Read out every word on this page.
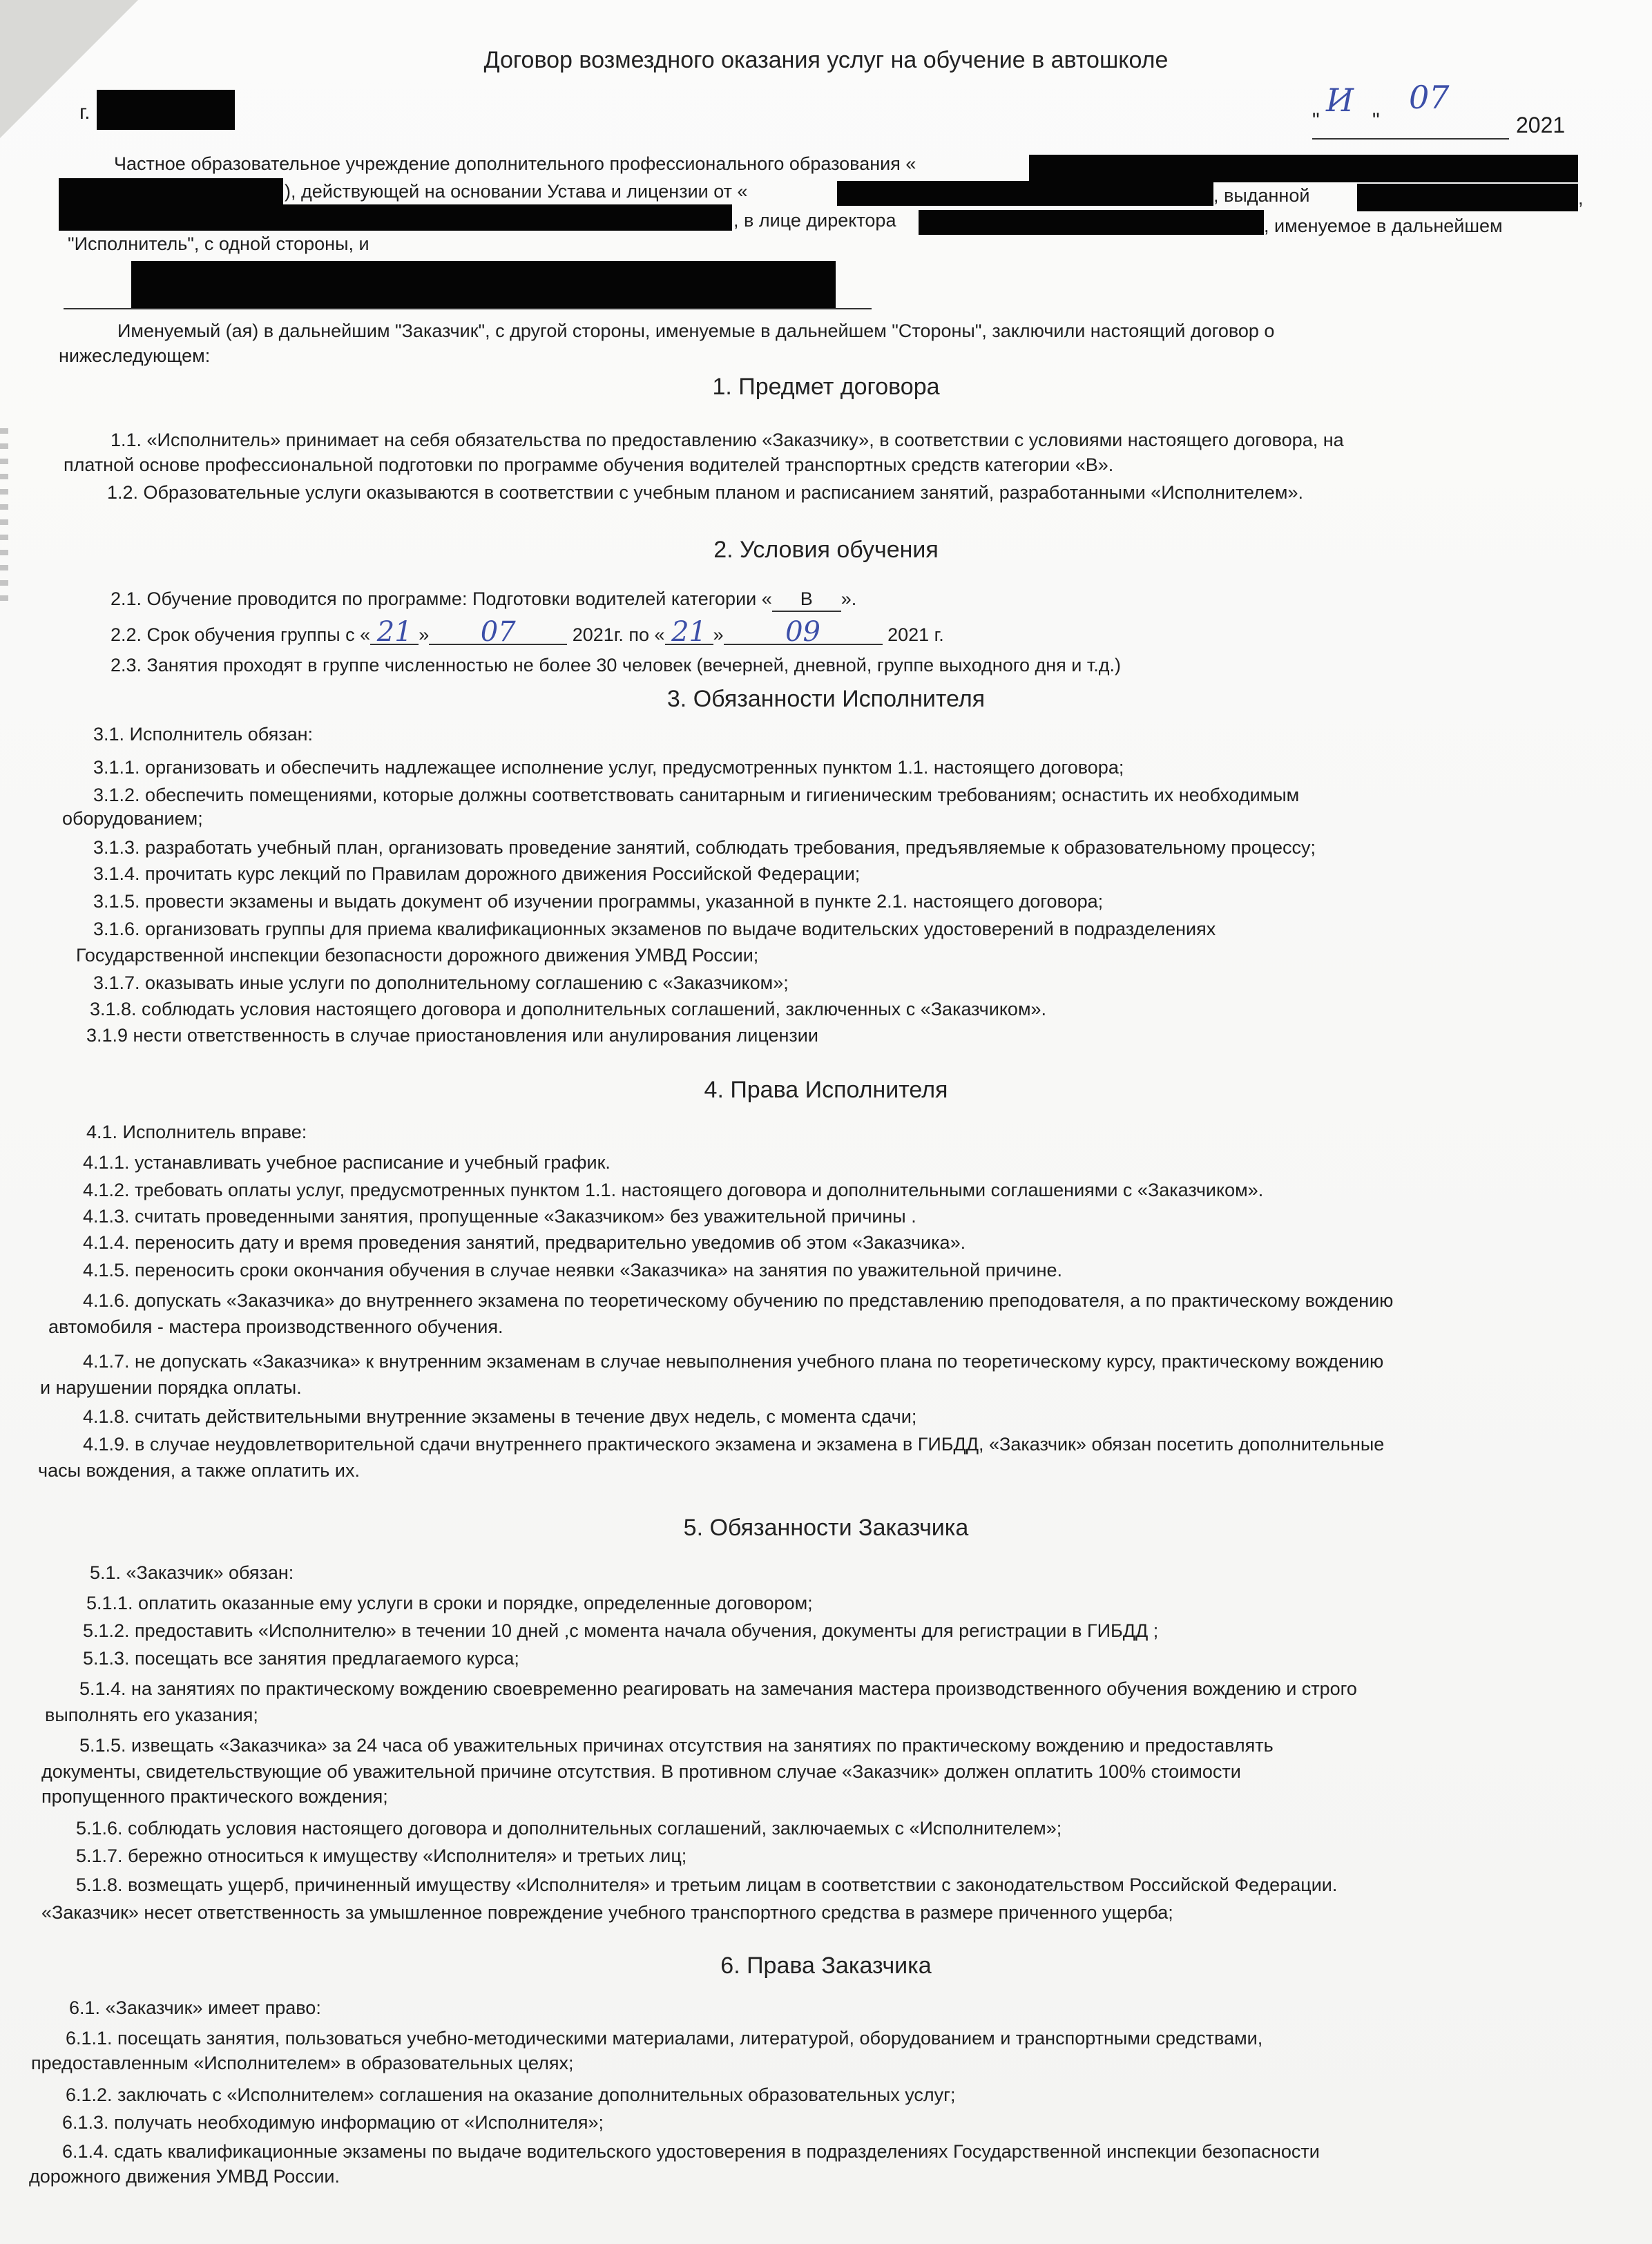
Договор возмездного оказания услуг на обучение в автошколе
г.	"
И
"
07
2021
Частное образовательное учреждение дополнительного профессионального образования «
), действующей на основании Устава и лицензии от «	, выданной	,
, в лице директора	, именуемое в дальнейшем
"Исполнитель", с одной стороны, и
Именуемый (ая) в дальнейшим "Заказчик", с другой стороны, именуемые в дальнейшем "Стороны", заключили настоящий договор о
нижеследующем:
1. Предмет договора
1.1. «Исполнитель» принимает на себя обязательства по предоставлению «Заказчику», в соответствии с условиями настоящего договора, на
платной основе профессиональной подготовки по программе обучения водителей транспортных средств категории «В».
1.2. Образовательные услуги оказываются в соответствии с учебным планом и расписанием занятий, разработанными «Исполнителем».
2. Условия обучения
2.1. Обучение проводится по программе: Подготовки водителей категории « В ».
2.2. Срок обучения группы с « 21 » 07	2021г. по « 21 » 09	2021 г.
2.3. Занятия проходят в группе численностью не более 30 человек (вечерней, дневной, группе выходного дня и т.д.)
3. Обязанности Исполнителя
3.1. Исполнитель обязан:
3.1.1. организовать и обеспечить надлежащее исполнение услуг, предусмотренных пунктом 1.1. настоящего договора;
3.1.2. обеспечить помещениями, которые должны соответствовать санитарным и гигиеническим требованиям; оснастить их необходимым
оборудованием;
3.1.3. разработать учебный план, организовать проведение занятий, соблюдать требования, предъявляемые к образовательному процессу;
3.1.4. прочитать курс лекций по Правилам дорожного движения Российской Федерации;
3.1.5. провести экзамены и выдать документ об изучении программы, указанной в пункте 2.1. настоящего договора;
3.1.6. организовать группы для приема квалификационных экзаменов по выдаче водительских удостоверений в подразделениях
Государственной инспекции безопасности дорожного движения УМВД России;
3.1.7. оказывать иные услуги по дополнительному соглашению с «Заказчиком»;
3.1.8. соблюдать условия настоящего договора и дополнительных соглашений, заключенных с «Заказчиком».
3.1.9 нести ответственность в случае приостановления или анулирования лицензии
4. Права Исполнителя
4.1. Исполнитель вправе:
4.1.1. устанавливать учебное расписание и учебный график.
4.1.2. требовать оплаты услуг, предусмотренных пунктом 1.1. настоящего договора и дополнительными соглашениями с «Заказчиком».
4.1.3. считать проведенными занятия, пропущенные «Заказчиком» без уважительной причины .
4.1.4. переносить дату и время проведения занятий, предварительно уведомив об этом «Заказчика».
4.1.5. переносить сроки окончания обучения в случае неявки «Заказчика» на занятия по уважительной причине.
4.1.6. допускать «Заказчика» до внутреннего экзамена по теоретическому обучению по представлению преподователя, а по практическому вождению
автомобиля - мастера производственного обучения.
4.1.7. не допускать «Заказчика» к внутренним экзаменам в случае невыполнения учебного плана по теоретическому курсу, практическому вождению
и нарушении порядка оплаты.
4.1.8. считать действительными внутренние экзамены в течение двух недель, с момента сдачи;
4.1.9. в случае неудовлетворительной сдачи внутреннего практического экзамена и экзамена в ГИБДД, «Заказчик» обязан посетить дополнительные
часы вождения, а также оплатить их.
5. Обязанности Заказчика
5.1. «Заказчик» обязан:
5.1.1. оплатить оказанные ему услуги в сроки и порядке, определенные договором;
5.1.2. предоставить «Исполнителю» в течении 10 дней ,с момента начала обучения, документы для регистрации в ГИБДД ;
5.1.3. посещать все занятия предлагаемого курса;
5.1.4. на занятиях по практическому вождению своевременно реагировать на замечания мастера производственного обучения вождению и строго
выполнять его указания;
5.1.5. извещать «Заказчика» за 24 часа об уважительных причинах отсутствия на занятиях по практическому вождению и предоставлять
документы, свидетельствующие об уважительной причине отсутствия. В противном случае «Заказчик» должен оплатить 100% стоимости
пропущенного практического вождения;
5.1.6. соблюдать условия настоящего договора и дополнительных соглашений, заключаемых с «Исполнителем»;
5.1.7. бережно относиться к имуществу «Исполнителя» и третьих лиц;
5.1.8. возмещать ущерб, причиненный имуществу «Исполнителя» и третьим лицам в соответствии с законодательством Российской Федерации.
«Заказчик» несет ответственность за умышленное повреждение учебного транспортного средства в размере приченного ущерба;
6. Права Заказчика
6.1. «Заказчик» имеет право:
6.1.1. посещать занятия, пользоваться учебно-методическими материалами, литературой, оборудованием и транспортными средствами,
предоставленным «Исполнителем» в образовательных целях;
6.1.2. заключать с «Исполнителем» соглашения на оказание дополнительных образовательных услуг;
6.1.3. получать необходимую информацию от «Исполнителя»;
6.1.4. сдать квалификационные экзамены по выдаче водительского удостоверения в подразделениях Государственной инспекции безопасности
дорожного движения УМВД России.
